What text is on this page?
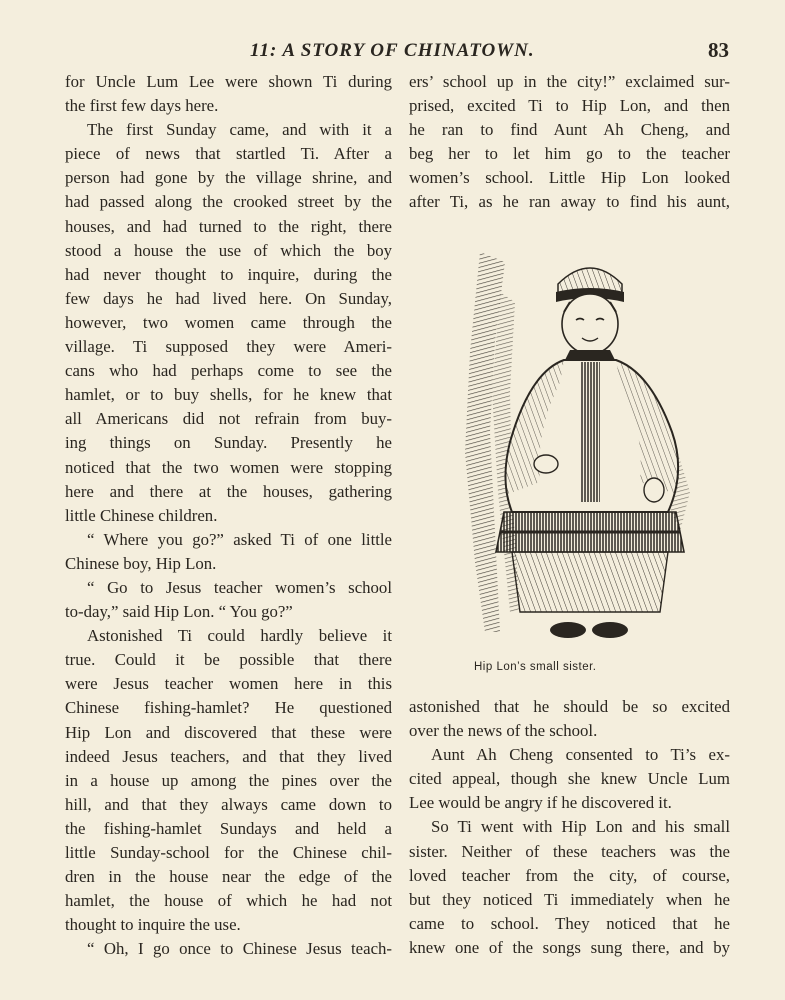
11: A STORY OF CHINATOWN.	83
for Uncle Lum Lee were shown Ti during
the first few days here.
The first Sunday came, and with it a
piece of news that startled Ti. After a
person had gone by the village shrine, and
had passed along the crooked street by the
houses, and had turned to the right, there
stood a house the use of which the boy
had never thought to inquire, during the
few days he had lived here. On Sunday,
however, two women came through the
village. Ti supposed they were Ameri-
cans who had perhaps come to see the
hamlet, or to buy shells, for he knew that
all Americans did not refrain from buy-
ing things on Sunday. Presently he
noticed that the two women were stopping
here and there at the houses, gathering
little Chinese children.
“ Where you go?” asked Ti of one little
Chinese boy, Hip Lon.
“ Go to Jesus teacher women’s school
to-day,” said Hip Lon. “ You go?”
Astonished Ti could hardly believe it
true. Could it be possible that there
were Jesus teacher women here in this
Chinese fishing-hamlet? He questioned
Hip Lon and discovered that these were
indeed Jesus teachers, and that they lived
in a house up among the pines over the
hill, and that they always came down to
the fishing-hamlet Sundays and held a
little Sunday-school for the Chinese chil-
dren in the house near the edge of the
hamlet, the house of which he had not
thought to inquire the use.
“ Oh, I go once to Chinese Jesus teach-
ers’ school up in the city!” exclaimed sur-
prised, excited Ti to Hip Lon, and then
he ran to find Aunt Ah Cheng, and
beg her to let him go to the teacher
women’s school. Little Hip Lon looked
after Ti, as he ran away to find his aunt,
Hip Lon’s small sister.
astonished that he should be so excited
over the news of the school.
Aunt Ah Cheng consented to Ti’s ex-
cited appeal, though she knew Uncle Lum
Lee would be angry if he discovered it.
So Ti went with Hip Lon and his small
sister. Neither of these teachers was the
loved teacher from the city, of course,
but they noticed Ti immediately when he
came to school. They noticed that he
knew one of the songs sung there, and by
